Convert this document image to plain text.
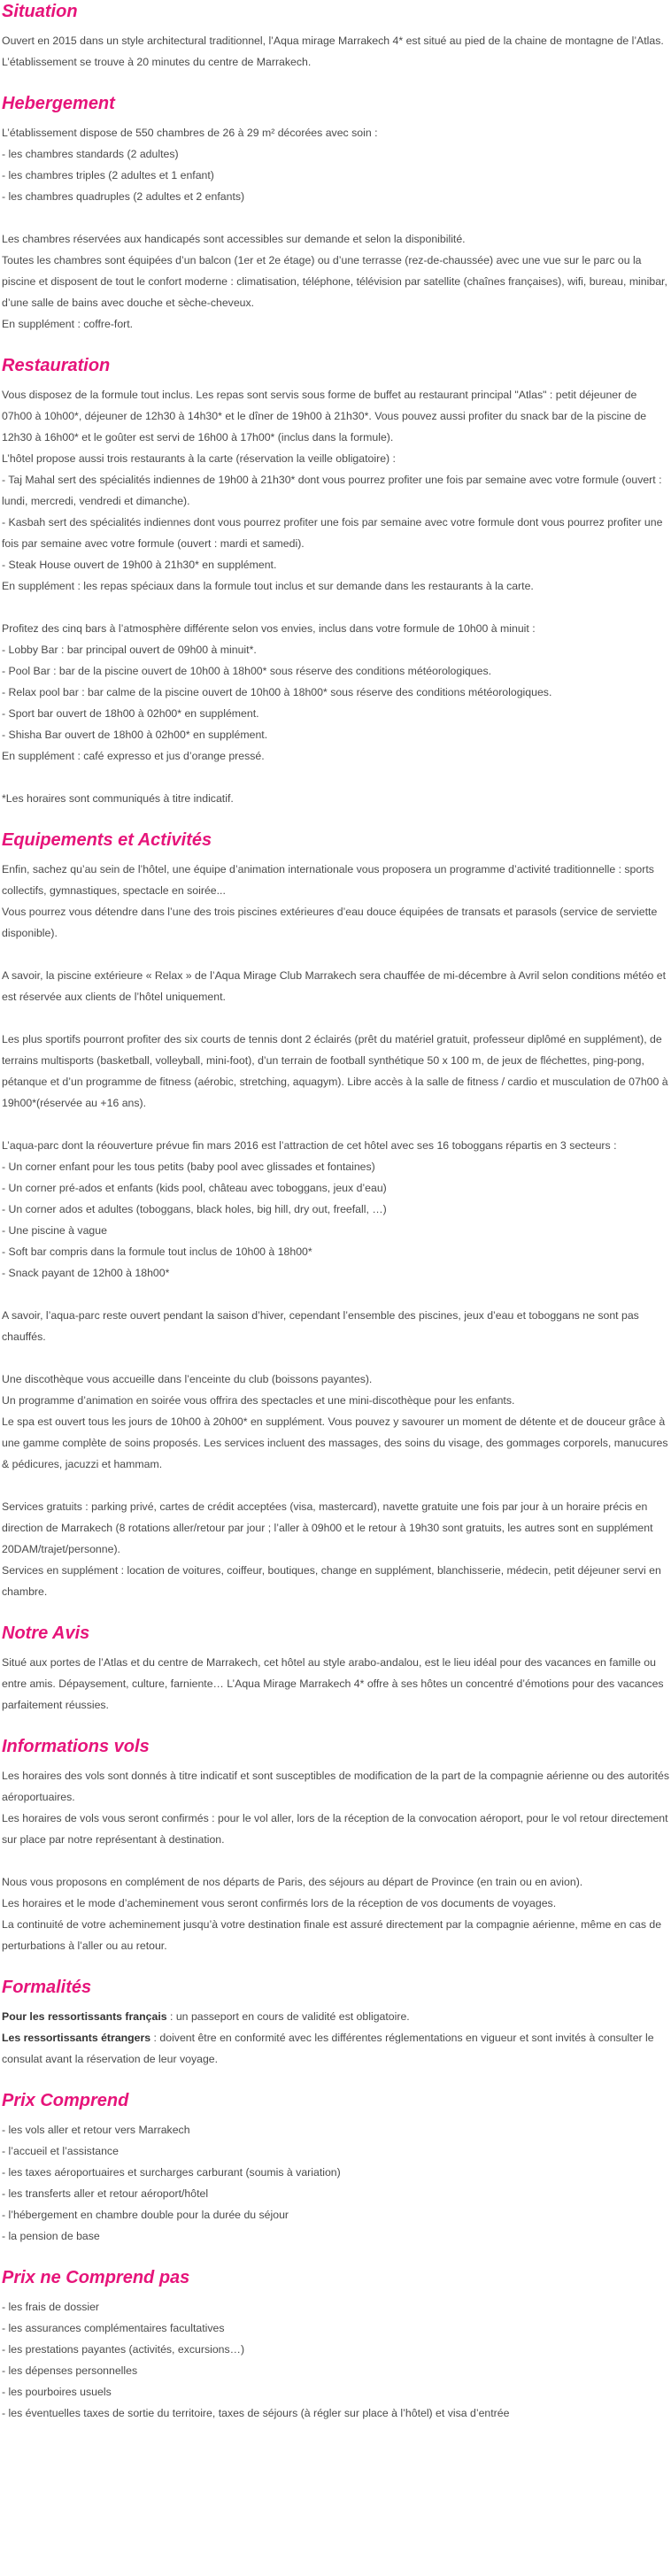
Situation

Ouvert en 2015 dans un style architectural traditionnel, l’Aqua mirage Marrakech 4* est situé au pied de la chaine de montagne de l’Atlas. L’établissement se trouve à 20 minutes du centre de Marrakech.

Hebergement

L’établissement dispose de 550 chambres de 26 à 29 m² décorées avec soin :

- les chambres standards (2 adultes)

- les chambres triples (2 adultes et 1 enfant)

- les chambres quadruples (2 adultes et 2 enfants)

Les chambres réservées aux handicapés sont accessibles sur demande et selon la disponibilité.

Toutes les chambres sont équipées d’un balcon (1er et 2e étage) ou d’une terrasse (rez-de-chaussée) avec une vue sur le parc ou la piscine et disposent de tout le confort moderne : climatisation, téléphone, télévision par satellite (chaînes françaises), wifi, bureau, minibar, d’une salle de bains avec douche et sèche-cheveux.

En supplément : coffre-fort.

Restauration

Vous disposez de la formule tout inclus. Les repas sont servis sous forme de buffet au restaurant principal "Atlas" : petit déjeuner de 07h00 à 10h00*, déjeuner de 12h30 à 14h30* et le dîner de 19h00 à 21h30*. Vous pouvez aussi profiter du snack bar de la piscine de 12h30 à 16h00* et le goûter est servi de 16h00 à 17h00* (inclus dans la formule).

L’hôtel propose aussi trois restaurants à la carte (réservation la veille obligatoire) :

- Taj Mahal sert des spécialités indiennes de 19h00 à 21h30* dont vous pourrez profiter une fois par semaine avec votre formule (ouvert : lundi, mercredi, vendredi et dimanche).

- Kasbah sert des spécialités indiennes dont vous pourrez profiter une fois par semaine avec votre formule dont vous pourrez profiter une fois par semaine avec votre formule (ouvert : mardi et samedi).

- Steak House ouvert de 19h00 à 21h30* en supplément.

En supplément : les repas spéciaux dans la formule tout inclus et sur demande dans les restaurants à la carte.

Profitez des cinq bars à l’atmosphère différente selon vos envies, inclus dans votre formule de 10h00 à minuit :

- Lobby Bar : bar principal ouvert de 09h00 à minuit*.

- Pool Bar : bar de la piscine ouvert de 10h00 à 18h00* sous réserve des conditions météorologiques.

- Relax pool bar : bar calme de la piscine ouvert de 10h00 à 18h00* sous réserve des conditions météorologiques.

- Sport bar ouvert de 18h00 à 02h00* en supplément.

- Shisha Bar ouvert de 18h00 à 02h00* en supplément.

En supplément : café expresso et jus d’orange pressé.

*Les horaires sont communiqués à titre indicatif.

Equipements et Activités

Enfin, sachez qu’au sein de l’hôtel, une équipe d’animation internationale vous proposera un programme d’activité traditionnelle : sports collectifs, gymnastiques, spectacle en soirée...

Vous pourrez vous détendre dans l’une des trois piscines extérieures d’eau douce équipées de transats et parasols (service de serviette disponible).

A savoir, la piscine extérieure « Relax » de l’Aqua Mirage Club Marrakech sera chauffée de mi-décembre à Avril selon conditions météo et est réservée aux clients de l’hôtel uniquement.

Les plus sportifs pourront profiter des six courts de tennis dont 2 éclairés (prêt du matériel gratuit, professeur diplômé en supplément), de terrains multisports (basketball, volleyball, mini-foot), d’un terrain de football synthétique 50 x 100 m, de jeux de fléchettes, ping-pong, pétanque et d’un programme de fitness (aérobic, stretching, aquagym). Libre accès à la salle de fitness / cardio et musculation de 07h00 à 19h00*(réservée au +16 ans).

L’aqua-parc dont la réouverture prévue fin mars 2016 est l’attraction de cet hôtel avec ses 16 toboggans répartis en 3 secteurs :

- Un corner enfant pour les tous petits (baby pool avec glissades et fontaines)

- Un corner pré-ados et enfants (kids pool, château avec toboggans, jeux d’eau)

- Un corner ados et adultes (toboggans, black holes, big hill, dry out, freefall, …)

- Une piscine à vague

- Soft bar compris dans la formule tout inclus de 10h00 à 18h00*

- Snack payant de 12h00 à 18h00*

A savoir, l’aqua-parc reste ouvert pendant la saison d’hiver, cependant l’ensemble des piscines, jeux d’eau et toboggans ne sont pas chauffés.

Une discothèque vous accueille dans l’enceinte du club (boissons payantes).

Un programme d’animation en soirée vous offrira des spectacles et une mini-discothèque pour les enfants.

Le spa est ouvert tous les jours de 10h00 à 20h00* en supplément. Vous pouvez y savourer un moment de détente et de douceur grâce à une gamme complète de soins proposés. Les services incluent des massages, des soins du visage, des gommages corporels, manucures & pédicures, jacuzzi et hammam.

Services gratuits : parking privé, cartes de crédit acceptées (visa, mastercard), navette gratuite une fois par jour à un horaire précis en direction de Marrakech (8 rotations aller/retour par jour ; l’aller à 09h00 et le retour à 19h30 sont gratuits, les autres sont en supplément 20DAM/trajet/personne).

Services en supplément : location de voitures, coiffeur, boutiques, change en supplément, blanchisserie, médecin, petit déjeuner servi en chambre.

Notre Avis

Situé aux portes de l’Atlas et du centre de Marrakech, cet hôtel au style arabo-andalou, est le lieu idéal pour des vacances en famille ou entre amis. Dépaysement, culture, farniente… L’Aqua Mirage Marrakech 4* offre à ses hôtes un concentré d’émotions pour des vacances parfaitement réussies.

Informations vols

Les horaires des vols sont donnés à titre indicatif et sont susceptibles de modification de la part de la compagnie aérienne ou des autorités aéroportuaires.

Les horaires de vols vous seront confirmés : pour le vol aller, lors de la réception de la convocation aéroport, pour le vol retour directement sur place par notre représentant à destination.

Nous vous proposons en complément de nos départs de Paris, des séjours au départ de Province (en train ou en avion).

Les horaires et le mode d’acheminement vous seront confirmés lors de la réception de vos documents de voyages.

La continuité de votre acheminement jusqu’à votre destination finale est assuré directement par la compagnie aérienne, même en cas de perturbations à l’aller ou au retour.

Formalités

Pour les ressortissants français : un passeport en cours de validité est obligatoire.

Les ressortissants étrangers : doivent être en conformité avec les différentes réglementations en vigueur et sont invités à consulter le consulat avant la réservation de leur voyage.

Prix Comprend

- les vols aller et retour vers Marrakech

- l’accueil et l’assistance

- les taxes aéroportuaires et surcharges carburant (soumis à variation)

- les transferts aller et retour aéroport/hôtel

- l’hébergement en chambre double pour la durée du séjour

- la pension de base

Prix ne Comprend pas

- les frais de dossier

- les assurances complémentaires facultatives

- les prestations payantes (activités, excursions…)

- les dépenses personnelles

- les pourboires usuels

- les éventuelles taxes de sortie du territoire, taxes de séjours (à régler sur place à l’hôtel) et visa d’entrée
